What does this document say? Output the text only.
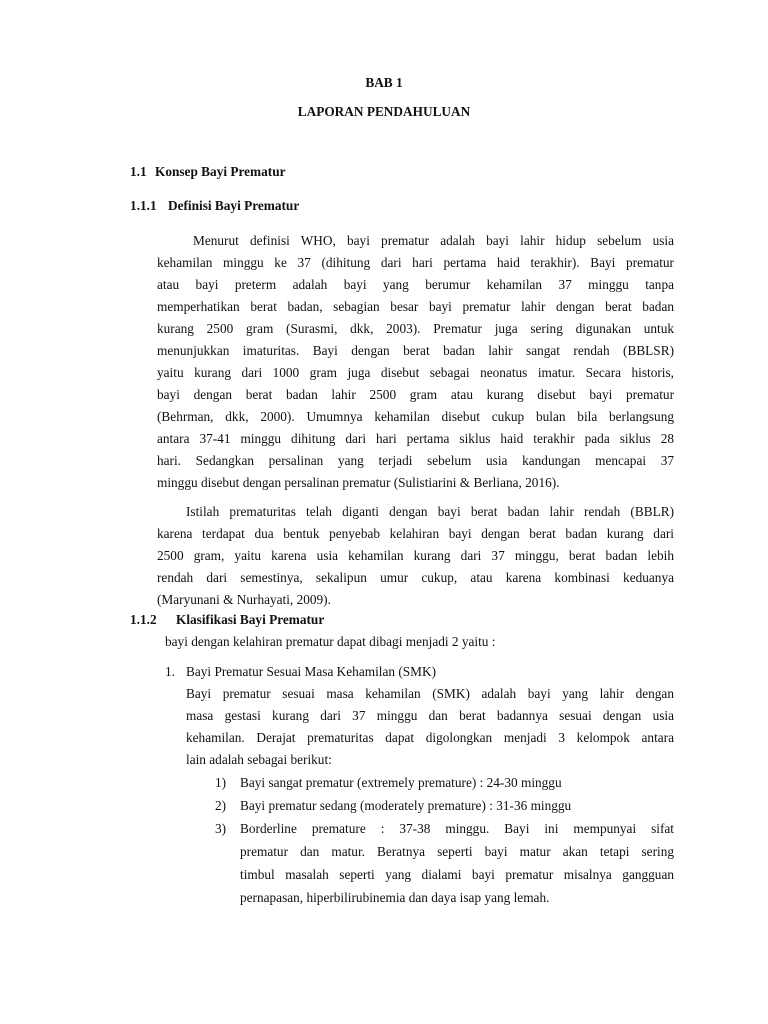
BAB 1
LAPORAN PENDAHULUAN
1.1 Konsep Bayi Prematur
1.1.1 Definisi Bayi Prematur
Menurut definisi WHO, bayi prematur adalah bayi lahir hidup sebelum usia
kehamilan minggu ke 37 (dihitung dari hari pertama haid terakhir). Bayi prematur
atau bayi preterm adalah bayi yang berumur kehamilan 37 minggu tanpa
memperhatikan berat badan, sebagian besar bayi prematur lahir dengan berat badan
kurang 2500 gram (Surasmi, dkk, 2003). Prematur juga sering digunakan untuk
menunjukkan imaturitas. Bayi dengan berat badan lahir sangat rendah (BBLSR)
yaitu kurang dari 1000 gram juga disebut sebagai neonatus imatur. Secara historis,
bayi dengan berat badan lahir 2500 gram atau kurang disebut bayi prematur
(Behrman, dkk, 2000). Umumnya kehamilan disebut cukup bulan bila berlangsung
antara 37-41 minggu dihitung dari hari pertama siklus haid terakhir pada siklus 28
hari. Sedangkan persalinan yang terjadi sebelum usia kandungan mencapai 37
minggu disebut dengan persalinan prematur (Sulistiarini & Berliana, 2016).
Istilah prematuritas telah diganti dengan bayi berat badan lahir rendah (BBLR)
karena terdapat dua bentuk penyebab kelahiran bayi dengan berat badan kurang dari
2500 gram, yaitu karena usia kehamilan kurang dari 37 minggu, berat badan lebih
rendah dari semestinya, sekalipun umur cukup, atau karena kombinasi keduanya
(Maryunani & Nurhayati, 2009).
1.1.2 Klasifikasi Bayi Prematur
bayi dengan kelahiran prematur dapat dibagi menjadi 2 yaitu :
1. Bayi Prematur Sesuai Masa Kehamilan (SMK)
Bayi prematur sesuai masa kehamilan (SMK) adalah bayi yang lahir dengan
masa gestasi kurang dari 37 minggu dan berat badannya sesuai dengan usia
kehamilan. Derajat prematuritas dapat digolongkan menjadi 3 kelompok antara
lain adalah sebagai berikut:
1) Bayi sangat prematur (extremely premature) : 24-30 minggu
2) Bayi prematur sedang (moderately premature) : 31-36 minggu
3) Borderline premature : 37-38 minggu. Bayi ini mempunyai sifat
prematur dan matur. Beratnya seperti bayi matur akan tetapi sering
timbul masalah seperti yang dialami bayi prematur misalnya gangguan
pernapasan, hiperbilirubinemia dan daya isap yang lemah.
